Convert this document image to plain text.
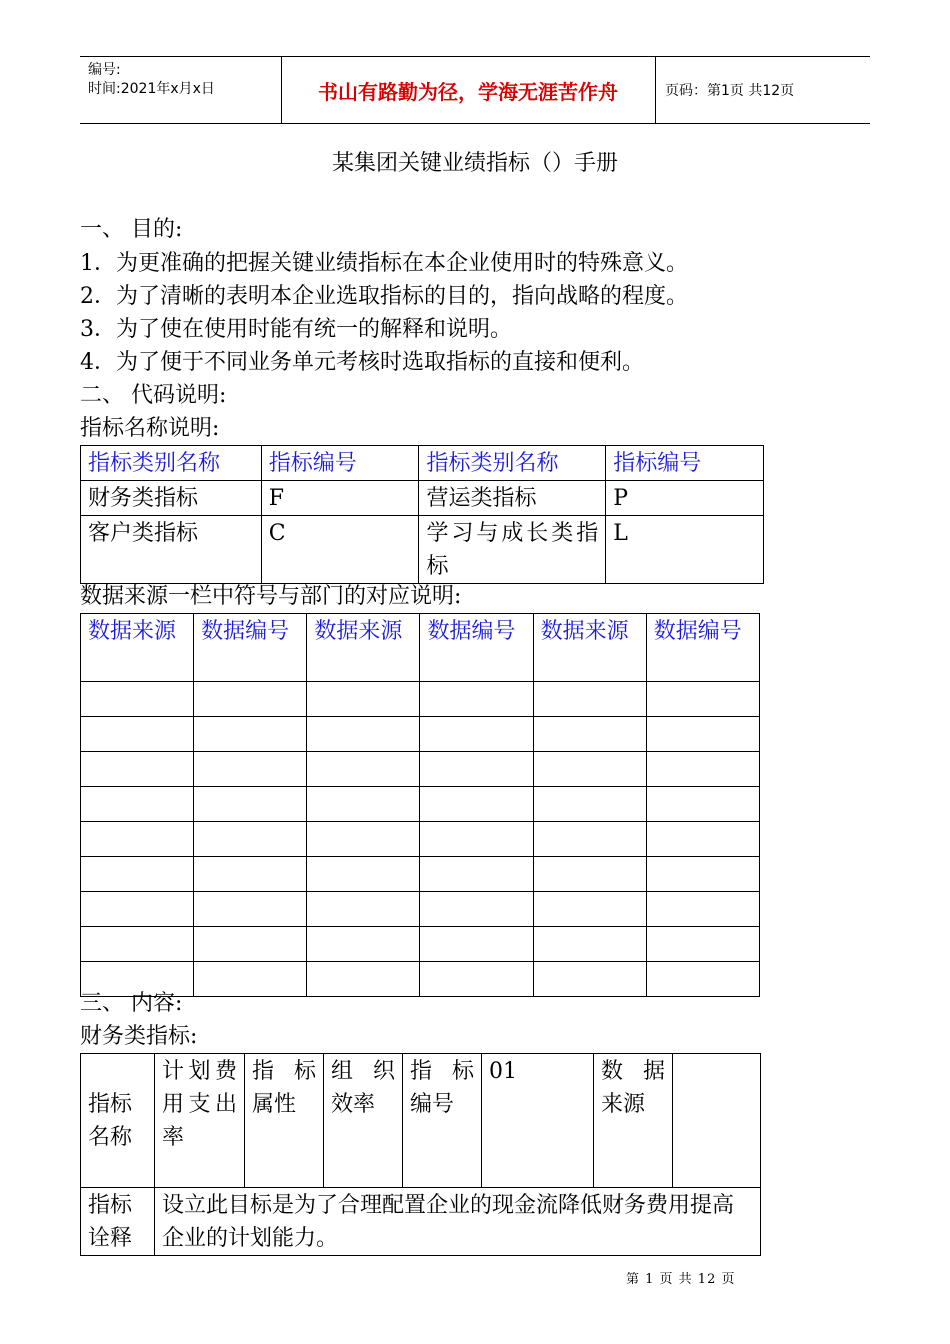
编号:
时间:2021年x月x日	书山有路勤为径，学海无涯苦作舟	页码：第1页 共12页
某集团关键业绩指标（）手册
一、 目的:
1．为更准确的把握关键业绩指标在本企业使用时的特殊意义。
2．为了清晰的表明本企业选取指标的目的，指向战略的程度。
3．为了使在使用时能有统一的解释和说明。
4．为了便于不同业务单元考核时选取指标的直接和便利。
二、 代码说明:
指标名称说明:
指标类别名称	指标编号	指标类别名称	指标编号
财务类指标	F	营运类指标	P
客户类指标	C	学习与成长类指标	L
数据来源一栏中符号与部门的对应说明:
数据来源	数据编号	数据来源	数据编号	数据来源	数据编号

三、 内容:
财务类指标:
指标名称	计划费用支出率	指标属性	组织效率	指标编号	01	数据来源	
指标诠释	设立此目标是为了合理配置企业的现金流降低财务费用提高企业的计划能力。						
第 1 页 共 12 页
